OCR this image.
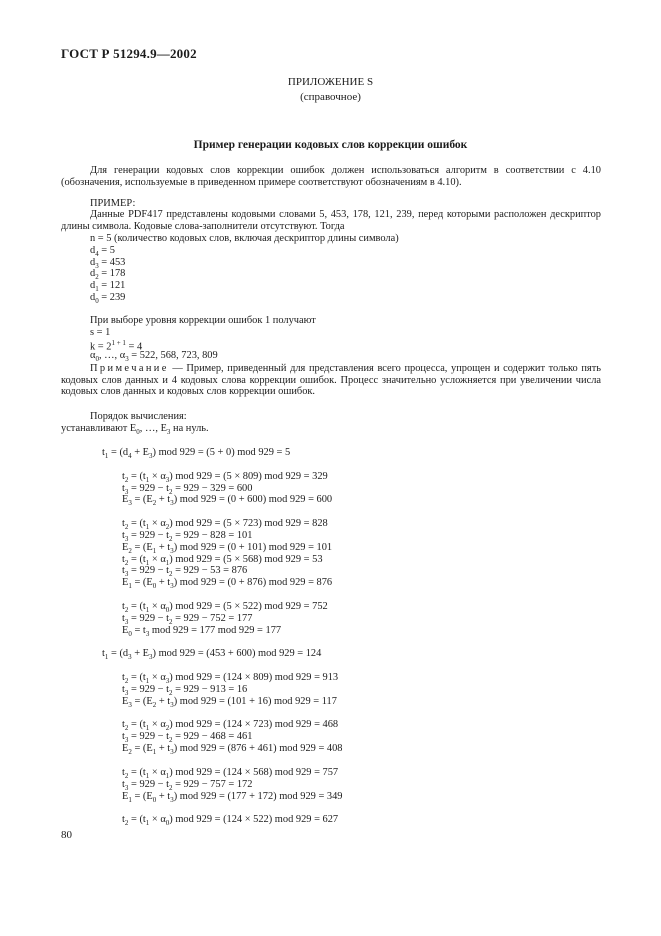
ГОСТ Р 51294.9—2002
ПРИЛОЖЕНИЕ S
(справочное)
Пример генерации кодовых слов коррекции ошибок

Для генерации кодовых слов коррекции ошибок должен использоваться алгоритм в соответствии с 4.10 (обозначения, используемые в приведенном примере соответствуют обозначениям в 4.10).

ПРИМЕР:

Данные PDF417 представлены кодовыми словами 5, 453, 178, 121, 239, перед которыми расположен дескриптор длины символа. Кодовые слова-заполнители отсутствуют. Тогда

n = 5 (количество кодовых слов, включая дескриптор длины символа)
$d_4 = 5$
$d_3 = 453$
$d_2 = 178$
$d_1 = 121$
$d_0 = 239$
При выборе уровня коррекции ошибок 1 получают
s = 1
$k = 2^{1 + 1} = 4$
$\alpha_0$, …, $\alpha_3 = 522$, 568, 723, 809

Примечание — Пример, приведенный для представления всего процесса, упрощен и содержит только пять кодовых слов данных и 4 кодовых слова коррекции ошибок. Процесс значительно усложняется при увеличении числа кодовых слов данных и кодовых слов коррекции ошибок.

Порядок вычисления:
устанавливают $E_0$, …, $E_3$ на нуль.
$t_1 = (d_4 + E_3)$ mod 929 = (5 + 0) mod 929 = 5
$t_2 = (t_1 \times \alpha_3)$ mod 929 = (5 × 809) mod 929 = 329
$t_3 = 929 - t_2 = 929 - 329 = 600$
$E_3 = (E_2 + t_3)$ mod 929 = (0 + 600) mod 929 = 600
$t_2 = (t_1 \times \alpha_2)$ mod 929 = (5 × 723) mod 929 = 828
$t_3 = 929 - t_2 = 929 - 828 = 101$
$E_2 = (E_1 + t_3)$ mod 929 = (0 + 101) mod 929 = 101
$t_2 = (t_1 \times \alpha_1)$ mod 929 = (5 × 568) mod 929 = 53
$t_3 = 929 - t_2 = 929 - 53 = 876$
$E_1 = (E_0 + t_3)$ mod 929 = (0 + 876) mod 929 = 876
$t_2 = (t_1 \times \alpha_0)$ mod 929 = (5 × 522) mod 929 = 752
$t_3 = 929 - t_2 = 929 - 752 = 177$
$E_0 = t_3$ mod 929 = 177 mod 929 = 177
$t_1 = (d_3 + E_3)$ mod 929 = (453 + 600) mod 929 = 124
$t_2 = (t_1 \times \alpha_3)$ mod 929 = (124 × 809) mod 929 = 913
$t_3 = 929 - t_2 = 929 - 913 = 16$
$E_3 = (E_2 + t_3)$ mod 929 = (101 + 16) mod 929 = 117
$t_2 = (t_1 \times \alpha_2)$ mod 929 = (124 × 723) mod 929 = 468
$t_3 = 929 - t_2 = 929 - 468 = 461$
$E_2 = (E_1 + t_3)$ mod 929 = (876 + 461) mod 929 = 408
$t_2 = (t_1 \times \alpha_1)$ mod 929 = (124 × 568) mod 929 = 757
$t_3 = 929 - t_2 = 929 - 757 = 172$
$E_1 = (E_0 + t_3)$ mod 929 = (177 + 172) mod 929 = 349
$t_2 = (t_1 \times \alpha_0)$ mod 929 = (124 × 522) mod 929 = 627
80
